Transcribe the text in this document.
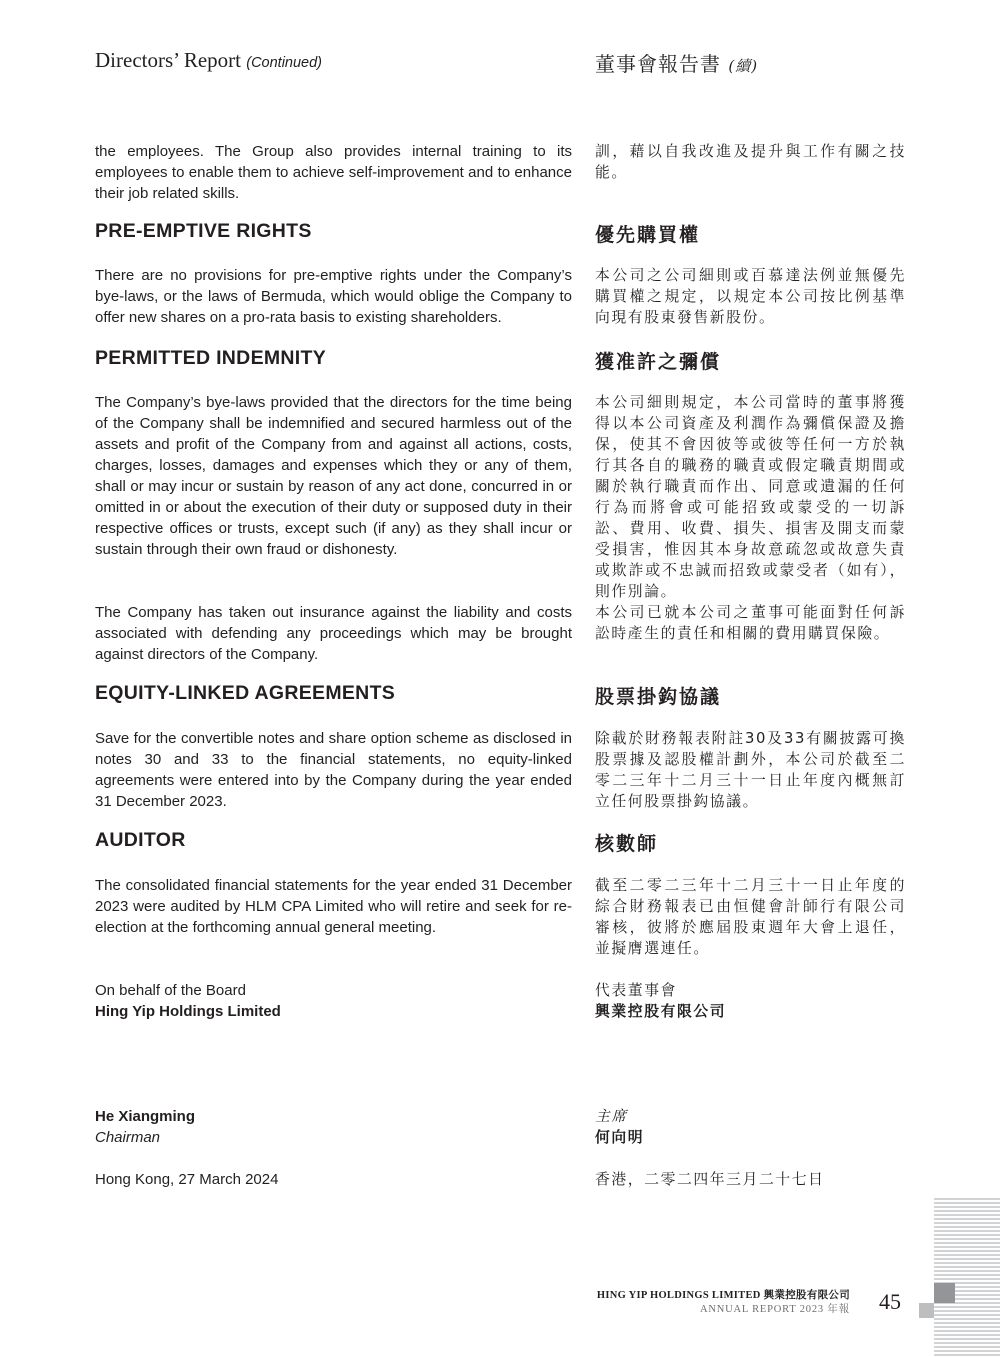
Directors’ Report (Continued)	董事會報告書 (續)
the employees. The Group also provides internal training to its employees to enable them to achieve self-improvement and to enhance their job related skills.
訓，藉以自我改進及提升與工作有關之技能。
PRE-EMPTIVE RIGHTS	優先購買權
There are no provisions for pre-emptive rights under the Company’s bye-laws, or the laws of Bermuda, which would oblige the Company to offer new shares on a pro-rata basis to existing shareholders.
本公司之公司細則或百慕達法例並無優先購買權之規定，以規定本公司按比例基準向現有股東發售新股份。
PERMITTED INDEMNITY	獲准許之彌償
The Company’s bye-laws provided that the directors for the time being of the Company shall be indemnified and secured harmless out of the assets and profit of the Company from and against all actions, costs, charges, losses, damages and expenses which they or any of them, shall or may incur or sustain by reason of any act done, concurred in or omitted in or about the execution of their duty or supposed duty in their respective offices or trusts, except such (if any) as they shall incur or sustain through their own fraud or dishonesty.
本公司細則規定，本公司當時的董事將獲得以本公司資產及利潤作為彌償保證及擔保，使其不會因彼等或彼等任何一方於執行其各自的職務的職責或假定職責期間或關於執行職責而作出、同意或遺漏的任何行為而將會或可能招致或蒙受的一切訴訟、費用、收費、損失、損害及開支而蒙受損害，惟因其本身故意疏忽或故意失責或欺詐或不忠誠而招致或蒙受者（如有），則作別論。
The Company has taken out insurance against the liability and costs associated with defending any proceedings which may be brought against directors of the Company.
本公司已就本公司之董事可能面對任何訴訟時產生的責任和相關的費用購買保險。
EQUITY-LINKED AGREEMENTS	股票掛鈎協議
Save for the convertible notes and share option scheme as disclosed in notes 30 and 33 to the financial statements, no equity-linked agreements were entered into by the Company during the year ended 31 December 2023.
除載於財務報表附註30及33有關披露可換股票據及認股權計劃外，本公司於截至二零二三年十二月三十一日止年度內概無訂立任何股票掛鈎協議。
AUDITOR	核數師
The consolidated financial statements for the year ended 31 December 2023 were audited by HLM CPA Limited who will retire and seek for re-election at the forthcoming annual general meeting.
截至二零二三年十二月三十一日止年度的綜合財務報表已由恒健會計師行有限公司審核，彼將於應屆股東週年大會上退任，並擬膺選連任。
On behalf of the Board
Hing Yip Holdings Limited
代表董事會
興業控股有限公司
He Xiangming
Chairman
主席
何向明
Hong Kong, 27 March 2024	香港，二零二四年三月二十七日
HING YIP HOLDINGS LIMITED 興業控股有限公司
ANNUAL REPORT 2023 年報 45
